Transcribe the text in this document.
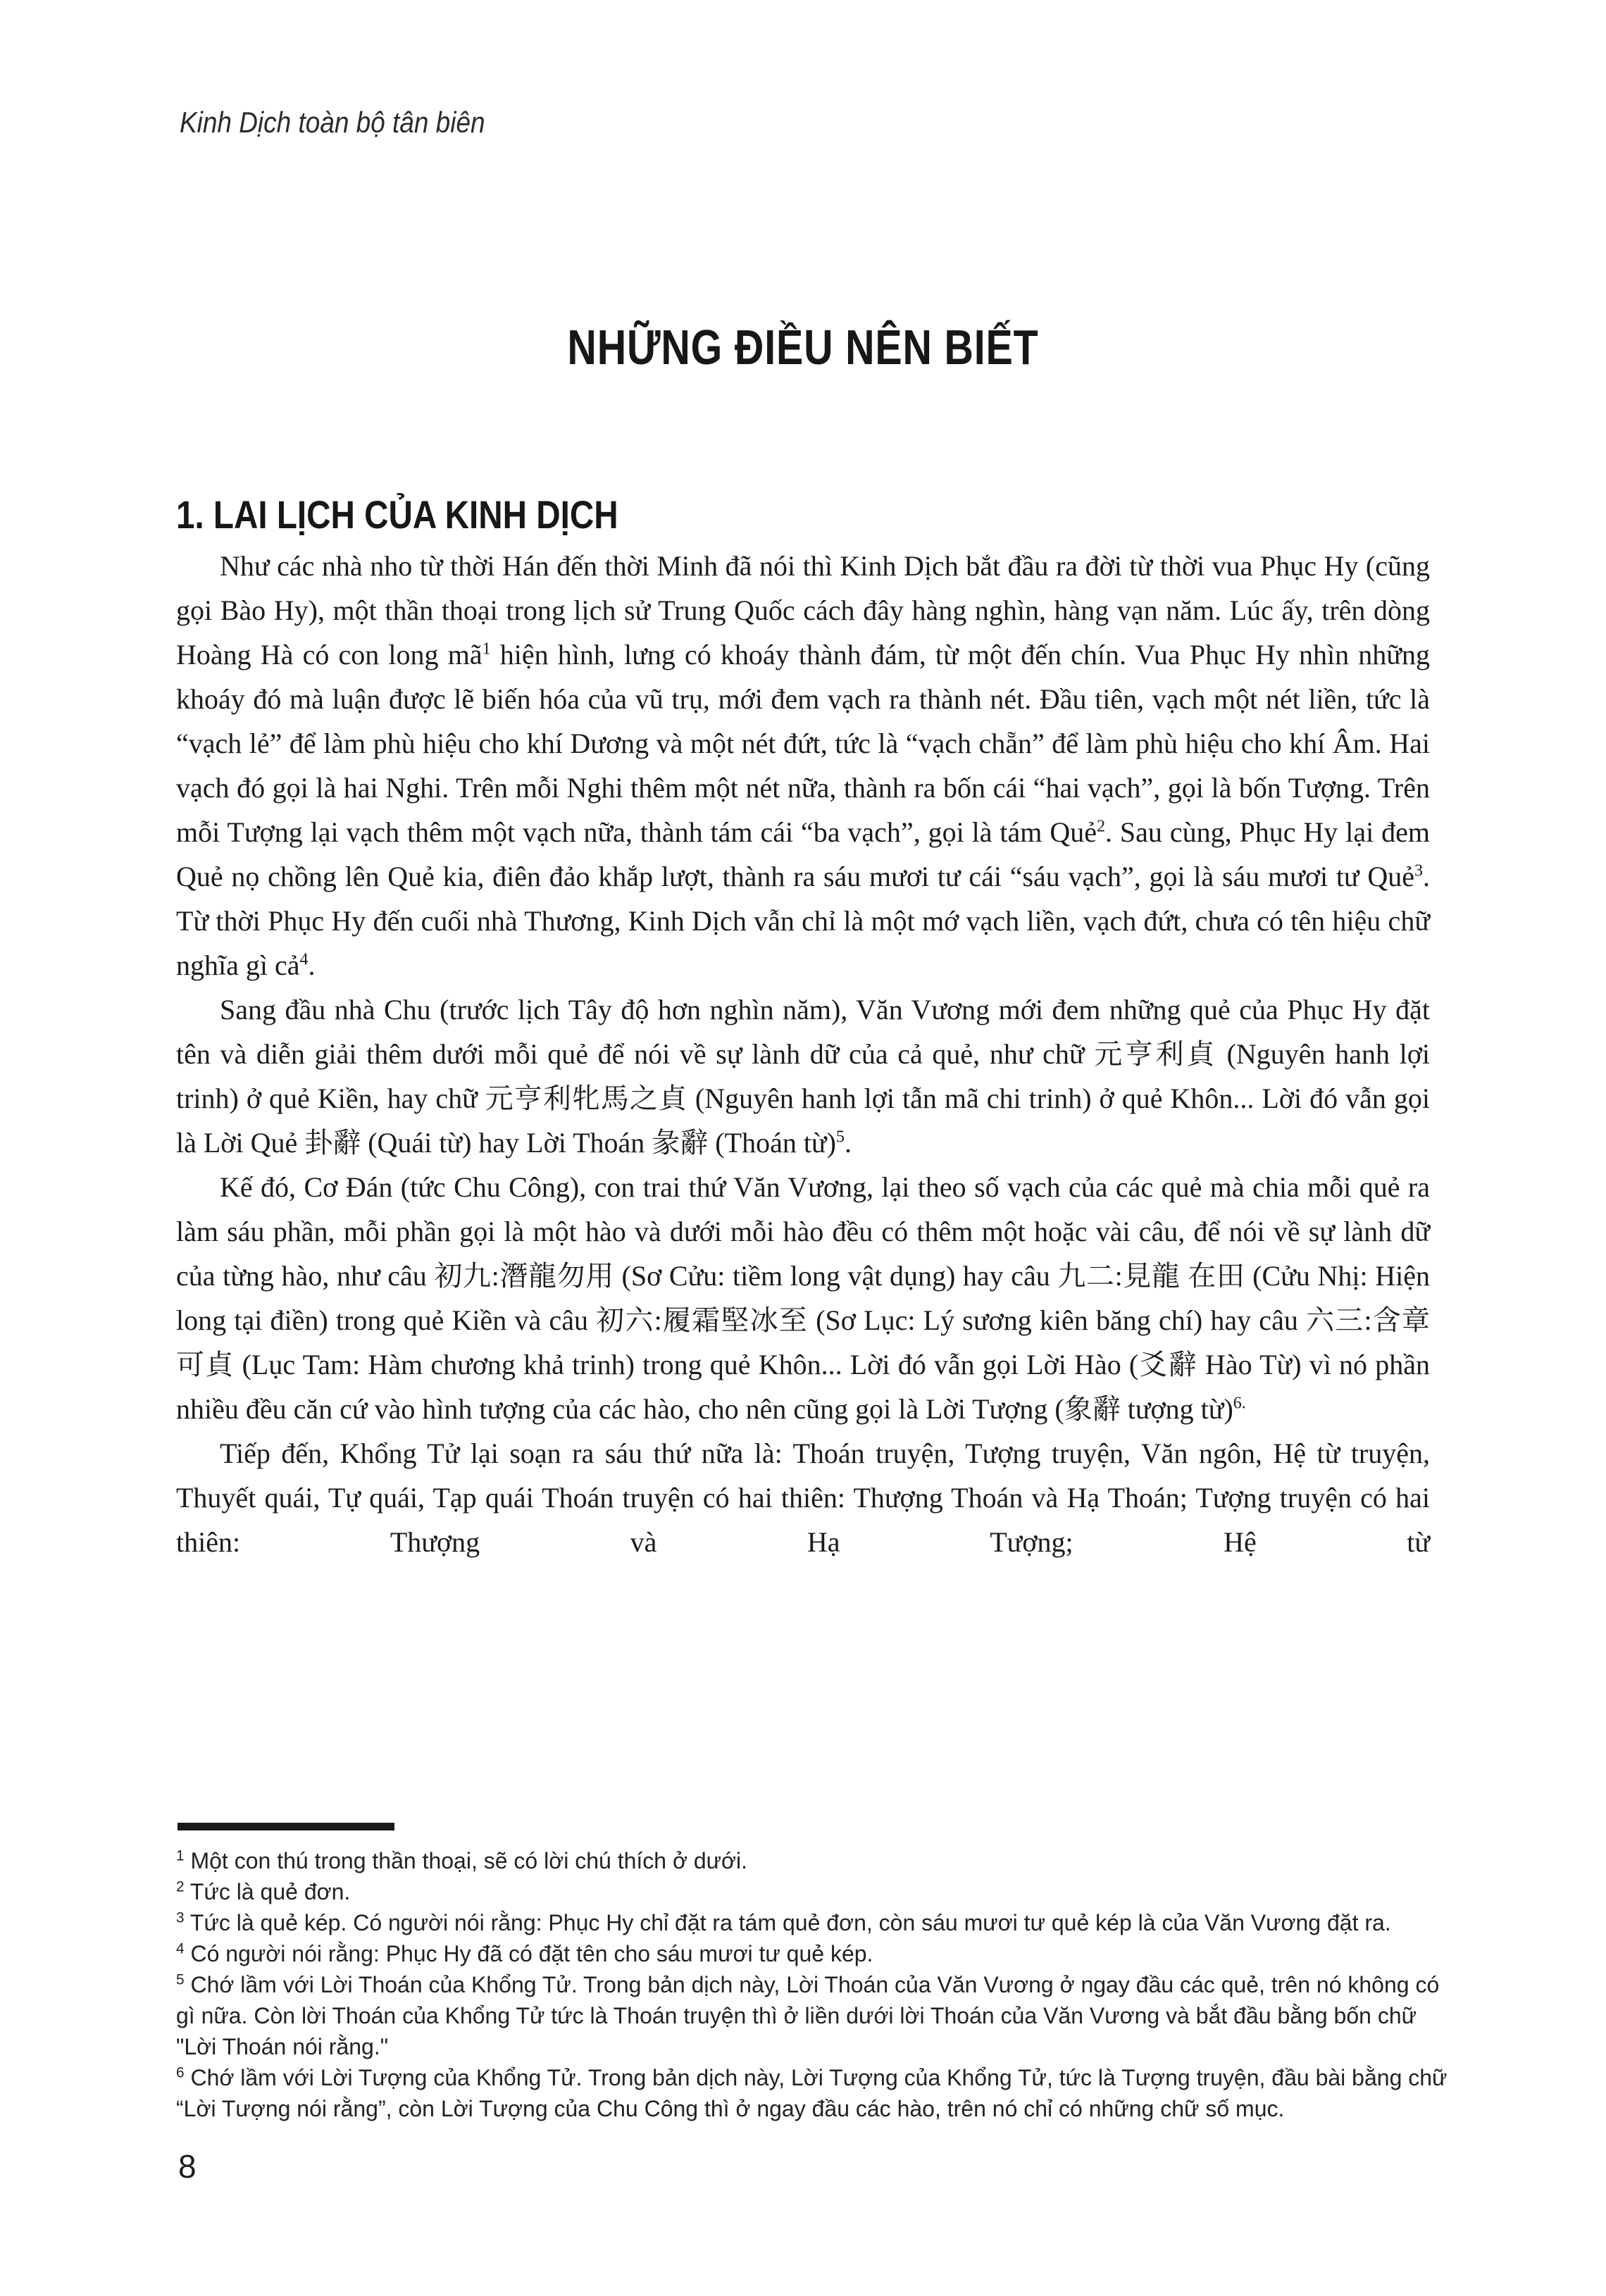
Kinh Dịch toàn bộ tân biên
NHỮNG ĐIỀU NÊN BIẾT
1. LAI LỊCH CỦA KINH DỊCH

Như các nhà nho từ thời Hán đến thời Minh đã nói thì Kinh Dịch bắt đầu ra đời từ thời vua Phục Hy (cũng gọi Bào Hy), một thần thoại trong lịch sử Trung Quốc cách đây hàng nghìn, hàng vạn năm. Lúc ấy, trên dòng Hoàng Hà có con long $mã^1$ hiện hình, lưng có khoáy thành đám, từ một đến chín. Vua Phục Hy nhìn những khoáy đó mà luận được lẽ biến hóa của vũ trụ, mới đem vạch ra thành nét. Đầu tiên, vạch một nét liền, tức là “vạch lẻ” để làm phù hiệu cho khí Dương và một nét đứt, tức là “vạch chẵn” để làm phù hiệu cho khí Âm. Hai vạch đó gọi là hai Nghi. Trên mỗi Nghi thêm một nét nữa, thành ra bốn cái “hai vạch”, gọi là bốn Tượng. Trên mỗi Tượng lại vạch thêm một vạch nữa, thành tám cái “ba vạch”, gọi là tám Quẻ$^2$. Sau cùng, Phục Hy lại đem Quẻ nọ chồng lên Quẻ kia, điên đảo khắp lượt, thành ra sáu mươi tư cái “sáu vạch”, gọi là sáu mươi tư Quẻ$^3$. Từ thời Phục Hy đến cuối nhà Thương, Kinh Dịch vẫn chỉ là một mớ vạch liền, vạch đứt, chưa có tên hiệu chữ nghĩa gì cả$^4$.

Sang đầu nhà Chu (trước lịch Tây độ hơn nghìn năm), Văn Vương mới đem những quẻ của Phục Hy đặt tên và diễn giải thêm dưới mỗi quẻ để nói về sự lành dữ của cả quẻ, như chữ 元亨利貞 (Nguyên hanh lợi trinh) ở quẻ Kiền, hay chữ 元亨利牝馬之貞 (Nguyên hanh lợi tẫn mã chi trinh) ở quẻ Khôn... Lời đó vẫn gọi là Lời Quẻ 卦辭 (Quái từ) hay Lời Thoán 彖辭 (Thoán từ)$^5$.

Kế đó, Cơ Đán (tức Chu Công), con trai thứ Văn Vương, lại theo số vạch của các quẻ mà chia mỗi quẻ ra làm sáu phần, mỗi phần gọi là một hào và dưới mỗi hào đều có thêm một hoặc vài câu, để nói về sự lành dữ của từng hào, như câu 初九:潛龍勿用 (Sơ Cửu: tiềm long vật dụng) hay câu 九二:見龍 在田 (Cửu Nhị: Hiện long tại điền) trong quẻ Kiền và câu 初六:履霜堅冰至 (Sơ Lục: Lý sương kiên băng chí) hay câu 六三:含章可貞 (Lục Tam: Hàm chương khả trinh) trong quẻ Khôn... Lời đó vẫn gọi Lời Hào (爻辭 Hào Từ) vì nó phần nhiều đều căn cứ vào hình tượng của các hào, cho nên cũng gọi là Lời Tượng (象辭 tượng từ)$^{6.}$

Tiếp đến, Khổng Tử lại soạn ra sáu thứ nữa là: Thoán truyện, Tượng truyện, Văn ngôn, Hệ từ truyện, Thuyết quái, Tự quái, Tạp quái Thoán truyện có hai thiên: Thượng Thoán và Hạ Thoán; Tượng truyện có hai thiên: Thượng và Hạ Tượng; Hệ từ

$^1$ Một con thú trong thần thoại, sẽ có lời chú thích ở dưới.
$^2$ Tức là quẻ đơn.
$^3$ Tức là quẻ kép. Có người nói rằng: Phục Hy chỉ đặt ra tám quẻ đơn, còn sáu mươi tư quẻ kép là của Văn Vương đặt ra.
$^4$ Có người nói rằng: Phục Hy đã có đặt tên cho sáu mươi tư quẻ kép.
$^5$ Chớ lầm với Lời Thoán của Khổng Tử. Trong bản dịch này, Lời Thoán của Văn Vương ở ngay đầu các quẻ, trên nó không có gì nữa. Còn lời Thoán của Khổng Tử tức là Thoán truyện thì ở liền dưới lời Thoán của Văn Vương và bắt đầu bằng bốn chữ "Lời Thoán nói rằng."
$^6$ Chớ lầm với Lời Tượng của Khổng Tử. Trong bản dịch này, Lời Tượng của Khổng Tử, tức là Tượng truyện, đầu bài bằng chữ “Lời Tượng nói rằng”, còn Lời Tượng của Chu Công thì ở ngay đầu các hào, trên nó chỉ có những chữ số mục.
8
